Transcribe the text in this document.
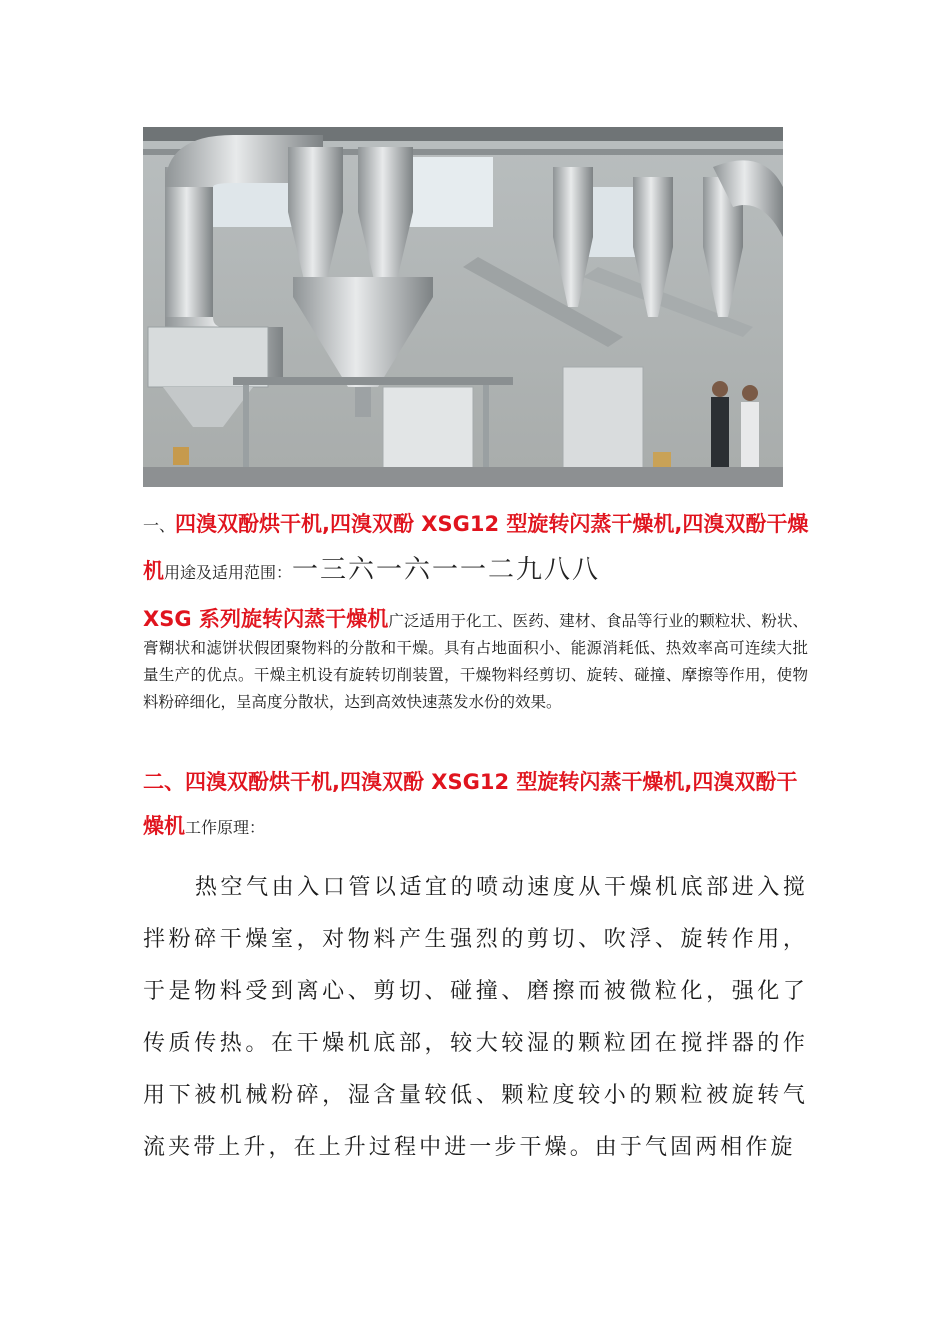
一、四溴双酚烘干机,四溴双酚 XSG12 型旋转闪蒸干燥机,四溴双酚干燥机用途及适用范围：一三六一六一一二九八八
XSG 系列旋转闪蒸干燥机广泛适用于化工、医药、建材、食品等行业的颗粒状、粉状、膏糊状和滤饼状假团聚物料的分散和干燥。具有占地面积小、能源消耗低、热效率高可连续大批量生产的优点。干燥主机设有旋转切削装置，干燥物料经剪切、旋转、碰撞、摩擦等作用，使物料粉碎细化，呈高度分散状，达到高效快速蒸发水份的效果。
二、四溴双酚烘干机,四溴双酚 XSG12 型旋转闪蒸干燥机,四溴双酚干燥机工作原理：
热空气由入口管以适宜的喷动速度从干燥机底部进入搅拌粉碎干燥室，对物料产生强烈的剪切、吹浮、旋转作用，于是物料受到离心、剪切、碰撞、磨擦而被微粒化，强化了传质传热。在干燥机底部，较大较湿的颗粒团在搅拌器的作用下被机械粉碎，湿含量较低、颗粒度较小的颗粒被旋转气流夹带上升，在上升过程中进一步干燥。由于气固两相作旋
